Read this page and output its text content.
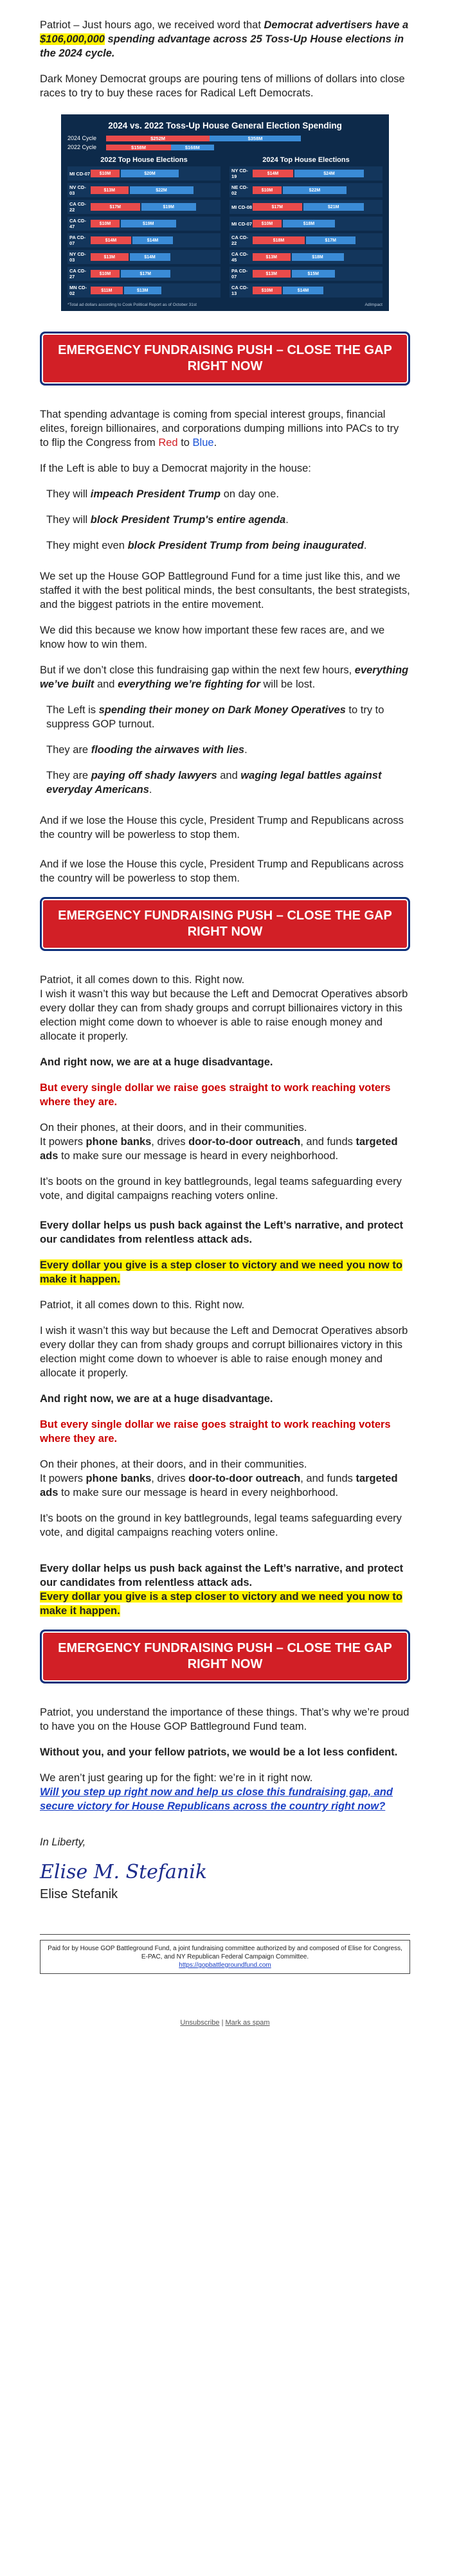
Patriot – Just hours ago, we received word that Democrat advertisers have a $106,000,000 spending advantage across 25 Toss-Up House elections in the 2024 cycle.

Dark Money Democrat groups are pouring tens of millions of dollars into close races to try to buy these races for Radical Left Democrats.

2024 vs. 2022 Toss-Up House General Election Spending
2024 Cycle	$252M	$358M
2022 Cycle	$158M	$168M
2022 Top House Elections
MI CD-07	$10M	$20M
NV CD-03	$13M	$22M
CA CD-22	$17M	$19M
CA CD-47	$10M	$19M
PA CD-07	$14M	$14M
NY CD-03	$13M	$14M
CA CD-27	$10M	$17M
MN CD-02	$11M	$13M
2024 Top House Elections
NY CD-19	$14M	$24M
NE CD-02	$10M	$22M
MI CD-08	$17M	$21M
MI CD-07	$10M	$18M
CA CD-22	$18M	$17M
CA CD-45	$13M	$18M
PA CD-07	$13M	$15M
CA CD-13	$10M	$14M
*Total ad dollars according to Cook Political Report as of October 31st	AdImpact
EMERGENCY FUNDRAISING PUSH – CLOSE THE GAP RIGHT NOW

That spending advantage is coming from special interest groups, financial elites, foreign billionaires, and corporations dumping millions into PACs to try to flip the Congress from Red to Blue.

If the Left is able to buy a Democrat majority in the house:

They will impeach President Trump on day one.

They will block President Trump's entire agenda.

They might even block President Trump from being inaugurated.

We set up the House GOP Battleground Fund for a time just like this, and we staffed it with the best political minds, the best consultants, the best strategists, and the biggest patriots in the entire movement.

We did this because we know how important these few races are, and we know how to win them.

But if we don’t close this fundraising gap within the next few hours, everything we’ve built and everything we’re fighting for will be lost.

The Left is spending their money on Dark Money Operatives to try to suppress GOP turnout.

They are flooding the airwaves with lies.

They are paying off shady lawyers and waging legal battles against everyday Americans.

And if we lose the House this cycle, President Trump and Republicans across the country will be powerless to stop them.

And if we lose the House this cycle, President Trump and Republicans across the country will be powerless to stop them.

EMERGENCY FUNDRAISING PUSH – CLOSE THE GAP RIGHT NOW

Patriot, it all comes down to this. Right now.

I wish it wasn’t this way but because the Left and Democrat Operatives absorb every dollar they can from shady groups and corrupt billionaires victory in this election might come down to whoever is able to raise enough money and allocate it properly.

And right now, we are at a huge disadvantage.

But every single dollar we raise goes straight to work reaching voters where they are.

On their phones, at their doors, and in their communities.
It powers phone banks, drives door-to-door outreach, and funds targeted ads to make sure our message is heard in every neighborhood.

It’s boots on the ground in key battlegrounds, legal teams safeguarding every vote, and digital campaigns reaching voters online.

Every dollar helps us push back against the Left’s narrative, and protect our candidates from relentless attack ads.

Every dollar you give is a step closer to victory and we need you now to make it happen.

Patriot, it all comes down to this. Right now.

I wish it wasn’t this way but because the Left and Democrat Operatives absorb every dollar they can from shady groups and corrupt billionaires victory in this election might come down to whoever is able to raise enough money and allocate it properly.

And right now, we are at a huge disadvantage.

But every single dollar we raise goes straight to work reaching voters where they are.

On their phones, at their doors, and in their communities.
It powers phone banks, drives door-to-door outreach, and funds targeted ads to make sure our message is heard in every neighborhood.

It’s boots on the ground in key battlegrounds, legal teams safeguarding every vote, and digital campaigns reaching voters online.

Every dollar helps us push back against the Left’s narrative, and protect our candidates from relentless attack ads.

Every dollar you give is a step closer to victory and we need you now to make it happen.

EMERGENCY FUNDRAISING PUSH – CLOSE THE GAP RIGHT NOW

Patriot, you understand the importance of these things. That’s why we’re proud to have you on the House GOP Battleground Fund team.

Without you, and your fellow patriots, we would be a lot less confident.

We aren’t just gearing up for the fight: we’re in it right now.

Will you step up right now and help us close this fundraising gap, and secure victory for House Republicans across the country right now?

In Liberty,

Elise M. Stefanik
Elise Stefanik
Paid for by House GOP Battleground Fund, a joint fundraising committee authorized by and composed of Elise for Congress, E-PAC, and NY Republican Federal Campaign Committee.
https://gopbattlegroundfund.com
Unsubscribe | Mark as spam
